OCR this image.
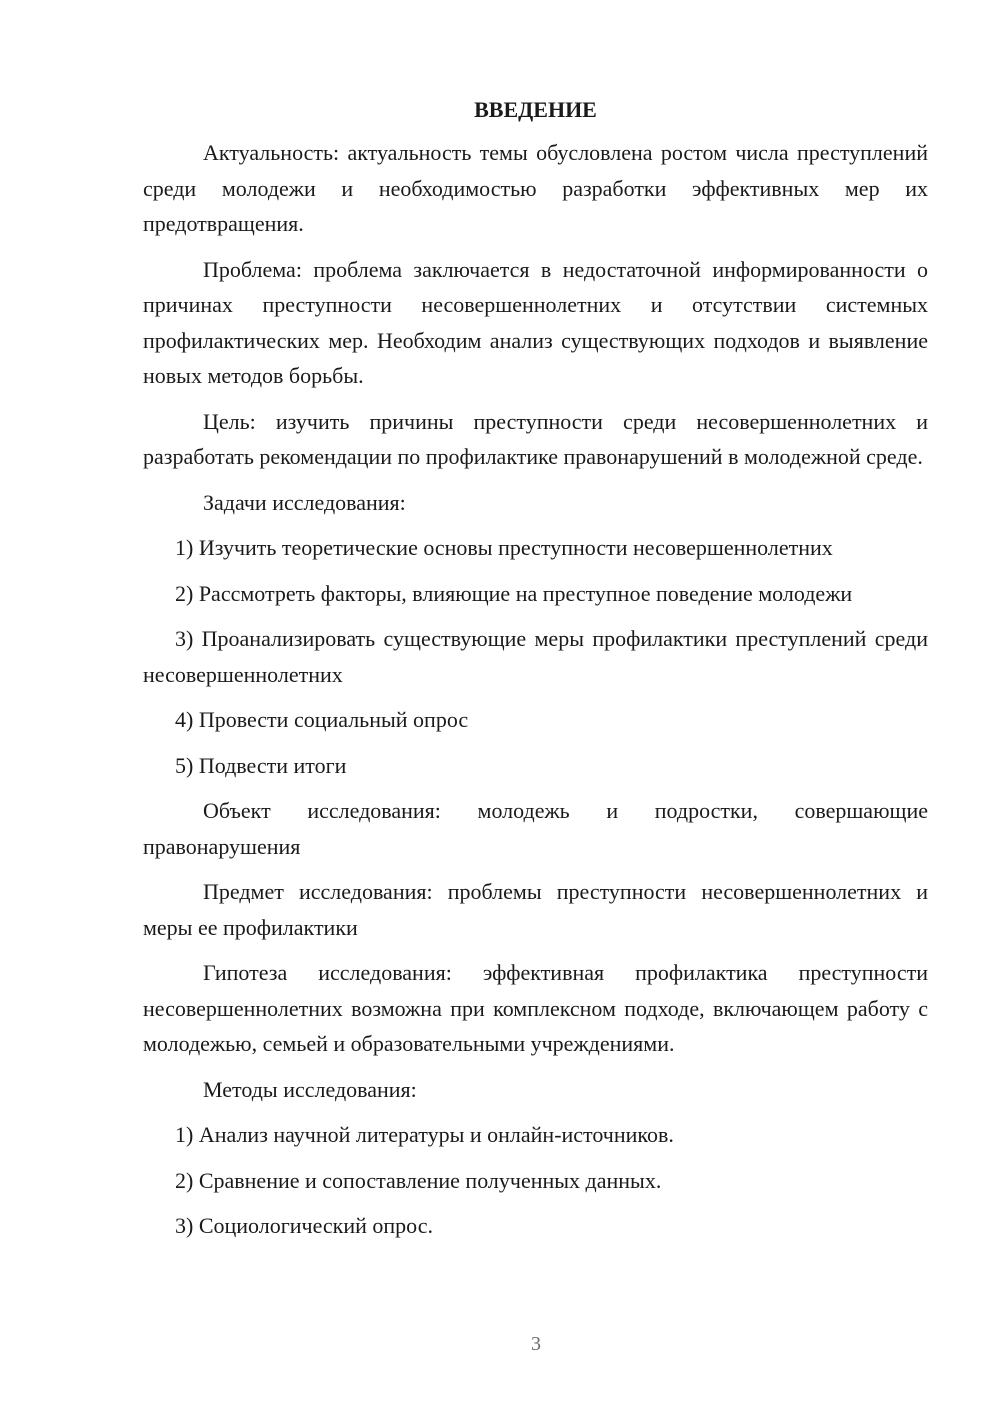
ВВЕДЕНИЕ

Актуальность: актуальность темы обусловлена ростом числа преступлений среди молодежи и необходимостью разработки эффективных мер их предотвращения.

Проблема: проблема заключается в недостаточной информированности о причинах преступности несовершеннолетних и отсутствии системных профилактических мер. Необходим анализ существующих подходов и выявление новых методов борьбы.

Цель: изучить причины преступности среди несовершеннолетних и разработать рекомендации по профилактике правонарушений в молодежной среде.

Задачи исследования:

1) Изучить теоретические основы преступности несовершеннолетних

2) Рассмотреть факторы, влияющие на преступное поведение молодежи

3) Проанализировать существующие меры профилактики преступлений среди несовершеннолетних

4) Провести социальный опрос

5) Подвести итоги

Объект исследования: молодежь и подростки, совершающие правонарушения

Предмет исследования: проблемы преступности несовершеннолетних и меры ее профилактики

Гипотеза исследования: эффективная профилактика преступности несовершеннолетних возможна при комплексном подходе, включающем работу с молодежью, семьей и образовательными учреждениями.

Методы исследования:

1) Анализ научной литературы и онлайн-источников.

2) Сравнение и сопоставление полученных данных.

3) Социологический опрос.

3
